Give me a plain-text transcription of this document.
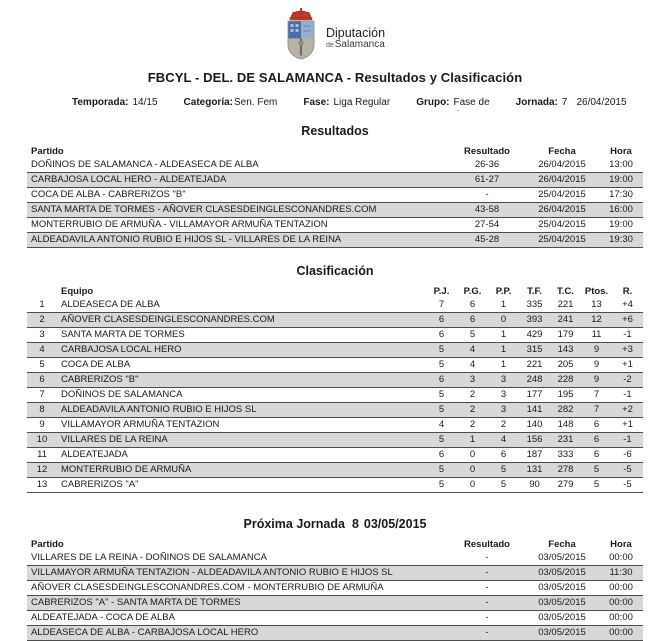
Diputación
deSalamanca
FBCYL - DEL. DE SALAMANCA - Resultados y Clasificación
Temporada: 14/15	Categoría:Sen. Fem	Fase: Liga Regular	Grupo: Fase de
-
Jornada: 7 26/04/2015
Resultados
Partido	Resultado	Fecha	Hora
DOÑINOS DE SALAMANCA - ALDEASECA DE ALBA	26-36	26/04/2015	13:00
CARBAJOSA LOCAL HERO - ALDEATEJADA	61-27	26/04/2015	19:00
COCA DE ALBA - CABRERIZOS "B"	-	25/04/2015	17:30
SANTA MARTA DE TORMES - AÑOVER CLASESDEINGLESCONANDRES.COM	43-58	26/04/2015	16:00
MONTERRUBIO DE ARMUÑA - VILLAMAYOR ARMUÑA TENTAZION	27-54	25/04/2015	19:00
ALDEADAVILA ANTONIO RUBIO E HIJOS SL - VILLARES DE LA REINA	45-28	25/04/2015	19:30
Clasificación
	Equipo	P.J.	P.G.	P.P.	T.F.	T.C.	Ptos.	R.
1	ALDEASECA DE ALBA	7	6	1	335	221	13	+4
2	AÑOVER CLASESDEINGLESCONANDRES.COM	6	6	0	393	241	12	+6
3	SANTA MARTA DE TORMES	6	5	1	429	179	11	-1
4	CARBAJOSA LOCAL HERO	5	4	1	315	143	9	+3
5	COCA DE ALBA	5	4	1	221	205	9	+1
6	CABRERIZOS "B"	6	3	3	248	228	9	-2
7	DOÑINOS DE SALAMANCA	5	2	3	177	195	7	-1
8	ALDEADAVILA ANTONIO RUBIO E HIJOS SL	5	2	3	141	282	7	+2
9	VILLAMAYOR ARMUÑA TENTAZION	4	2	2	140	148	6	+1
10	VILLARES DE LA REINA	5	1	4	156	231	6	-1
11	ALDEATEJADA	6	0	6	187	333	6	-6
12	MONTERRUBIO DE ARMUÑA	5	0	5	131	278	5	-5
13	CABRERIZOS "A"	5	0	5	90	279	5	-5
Próxima Jornada 8 03/05/2015
Partido	Resultado	Fecha	Hora
VILLARES DE LA REINA - DOÑINOS DE SALAMANCA	-	03/05/2015	00:00
VILLAMAYOR ARMUÑA TENTAZION - ALDEADAVILA ANTONIO RUBIO E HIJOS SL	-	03/05/2015	11:30
AÑOVER CLASESDEINGLESCONANDRES.COM - MONTERRUBIO DE ARMUÑA	-	03/05/2015	00:00
CABRERIZOS "A" - SANTA MARTA DE TORMES	-	03/05/2015	00:00
ALDEATEJADA - COCA DE ALBA	-	03/05/2015	00:00
ALDEASECA DE ALBA - CARBAJOSA LOCAL HERO	-	03/05/2015	00:00
